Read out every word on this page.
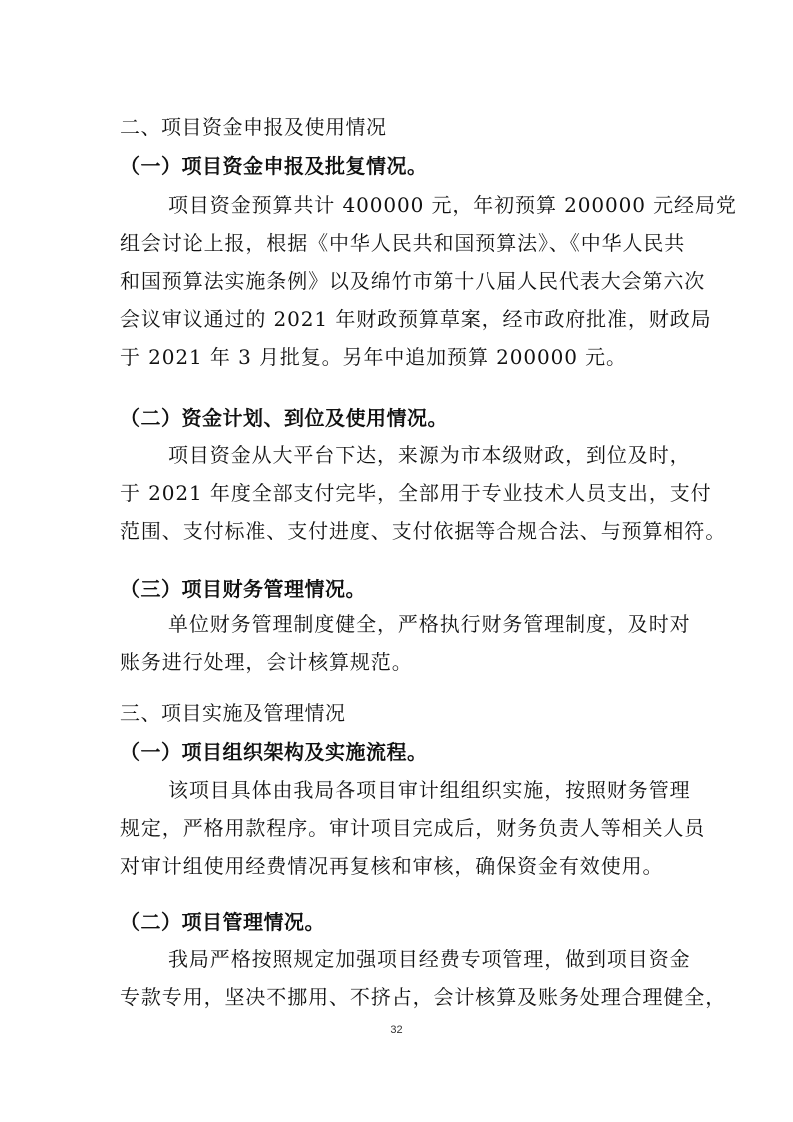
二、项目资金申报及使用情况
（一）项目资金申报及批复情况。
项目资金预算共计 400000 元，年初预算 200000 元经局党
组会讨论上报，根据《中华人民共和国预算法》、《中华人民共
和国预算法实施条例》以及绵竹市第十八届人民代表大会第六次
会议审议通过的 2021 年财政预算草案，经市政府批准，财政局
于 2021 年 3 月批复。另年中追加预算 200000 元。
（二）资金计划、到位及使用情况。
项目资金从大平台下达，来源为市本级财政，到位及时，
于 2021 年度全部支付完毕，全部用于专业技术人员支出，支付
范围、支付标准、支付进度、支付依据等合规合法、与预算相符。
（三）项目财务管理情况。
单位财务管理制度健全，严格执行财务管理制度，及时对
账务进行处理，会计核算规范。
三、项目实施及管理情况
（一）项目组织架构及实施流程。
该项目具体由我局各项目审计组组织实施，按照财务管理
规定，严格用款程序。审计项目完成后，财务负责人等相关人员
对审计组使用经费情况再复核和审核，确保资金有效使用。
（二）项目管理情况。
我局严格按照规定加强项目经费专项管理，做到项目资金
专款专用，坚决不挪用、不挤占，会计核算及账务处理合理健全，
32
